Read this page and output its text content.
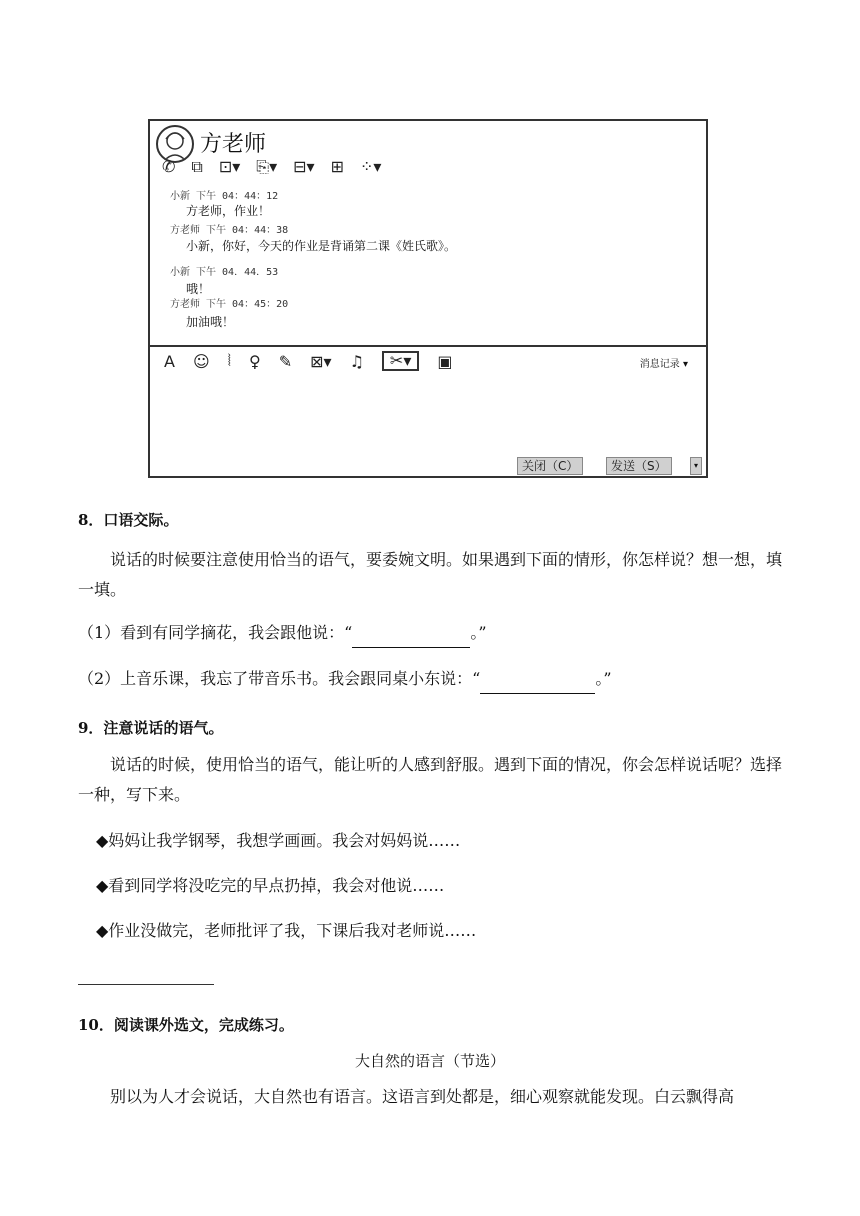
方老师
✆ ⧉ ⊡▾ ⎘▾ ⊟▾ ⊞ ⁘▾
小新 下午 04：44：12
方老师，作业！
方老师 下午 04：44：38
小新，你好，今天的作业是背诵第二课《姓氏歌》。
小新 下午 04．44．53
哦！
方老师 下午 04：45：20
加油哦！
A ☺ ⦚ ♀ ✎ ⊠▾ ♫	✂▾	▣	消息记录 ▾
关闭（C）	发送（S）	▾
8．口语交际。
说话的时候要注意使用恰当的语气，要委婉文明。如果遇到下面的情形，你怎样说？想一想，填一填。
（1）看到有同学摘花，我会跟他说：“	。”
（2）上音乐课，我忘了带音乐书。我会跟同桌小东说：“	。”
9．注意说话的语气。
说话的时候，使用恰当的语气，能让听的人感到舒服。遇到下面的情况，你会怎样说话呢？选择一种，写下来。
◆妈妈让我学钢琴，我想学画画。我会对妈妈说……
◆看到同学将没吃完的早点扔掉，我会对他说……
◆作业没做完，老师批评了我，下课后我对老师说……
10．阅读课外选文，完成练习。
大自然的语言（节选）
别以为人才会说话，大自然也有语言。这语言到处都是，细心观察就能发现。白云飘得高
